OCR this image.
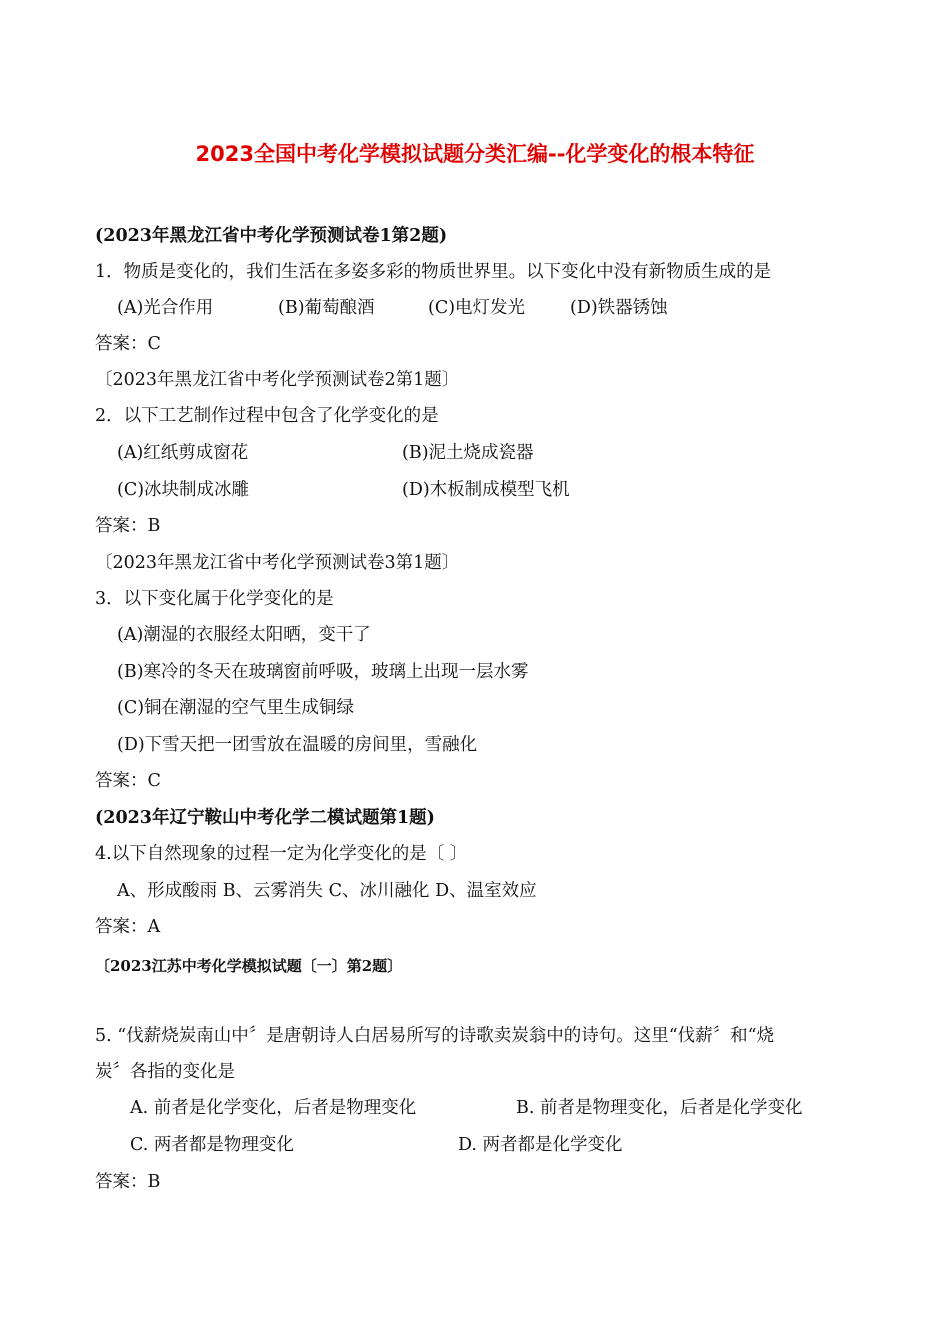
2023全国中考化学模拟试题分类汇编--化学变化的根本特征
(2023年黑龙江省中考化学预测试卷1第2题)
1．物质是变化的，我们生活在多姿多彩的物质世界里。以下变化中没有新物质生成的是
(A)光合作用	(B)葡萄酿酒	(C)电灯发光	(D)铁器锈蚀
答案：C
〔2023年黑龙江省中考化学预测试卷2第1题〕
2．以下工艺制作过程中包含了化学变化的是
(A)红纸剪成窗花	(B)泥土烧成瓷器
(C)冰块制成冰雕	(D)木板制成模型飞机
答案：B
〔2023年黑龙江省中考化学预测试卷3第1题〕
3．以下变化属于化学变化的是
(A)潮湿的衣服经太阳晒，变干了
(B)寒冷的冬天在玻璃窗前呼吸，玻璃上出现一层水雾
(C)铜在潮湿的空气里生成铜绿
(D)下雪天把一团雪放在温暖的房间里，雪融化
答案：C
(2023年辽宁鞍山中考化学二模试题第1题)
4.以下自然现象的过程一定为化学变化的是〔 〕
A、形成酸雨 B、云雾消失 C、冰川融化 D、温室效应
答案：A
〔2023江苏中考化学模拟试题〔一〕第2题〕
5. “伐薪烧炭南山中〞是唐朝诗人白居易所写的诗歌卖炭翁中的诗句。这里“伐薪〞和“烧
炭〞各指的变化是
A. 前者是化学变化，后者是物理变化	B. 前者是物理变化，后者是化学变化
C. 两者都是物理变化	D. 两者都是化学变化
答案：B
